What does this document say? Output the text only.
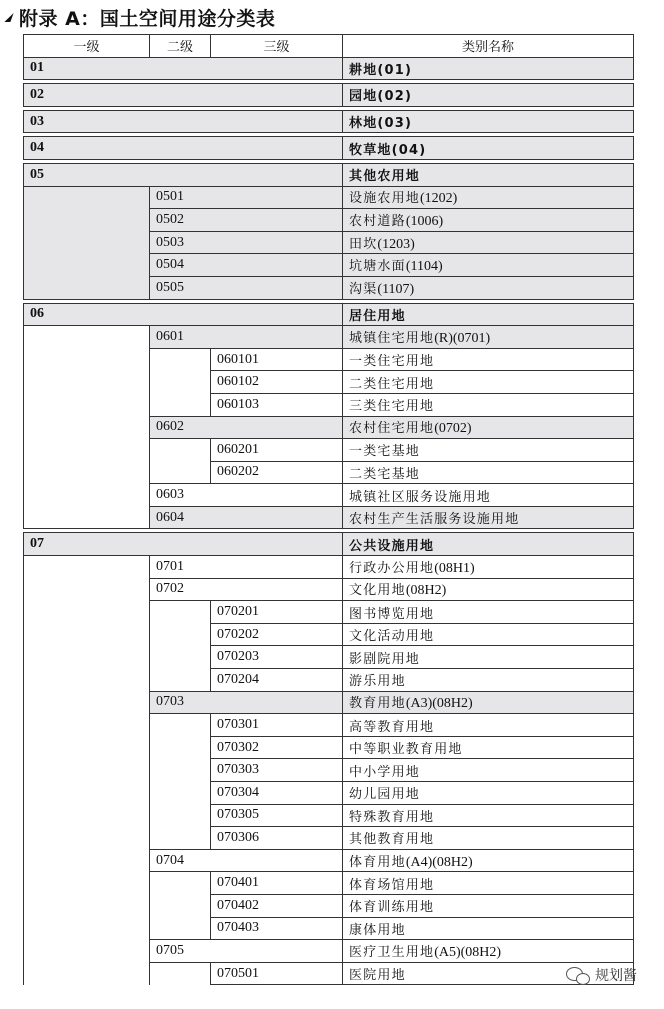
附录 A：国土空间用途分类表
一级	二级	三级	类别名称
01			耕地(01)

02			园地(02)

03			林地(03)

04			牧草地(04)

05			其他农用地
	0501		设施农用地(1202)
	0502		农村道路(1006)
	0503		田坎(1203)
	0504		坑塘水面(1104)
	0505		沟渠(1107)

06			居住用地
	0601		城镇住宅用地(R)(0701)
		060101	一类住宅用地
		060102	二类住宅用地
		060103	三类住宅用地
	0602		农村住宅用地(0702)
		060201	一类宅基地
		060202	二类宅基地
	0603		城镇社区服务设施用地
	0604		农村生产生活服务设施用地

07			公共设施用地
	0701		行政办公用地(08H1)
	0702		文化用地(08H2)
		070201	图书博览用地
		070202	文化活动用地
		070203	影剧院用地
		070204	游乐用地
	0703		教育用地(A3)(08H2)
		070301	高等教育用地
		070302	中等职业教育用地
		070303	中小学用地
		070304	幼儿园用地
		070305	特殊教育用地
		070306	其他教育用地
	0704		体育用地(A4)(08H2)
		070401	体育场馆用地
		070402	体育训练用地
		070403	康体用地
	0705		医疗卫生用地(A5)(08H2)
		070501	医院用地	规划酱
